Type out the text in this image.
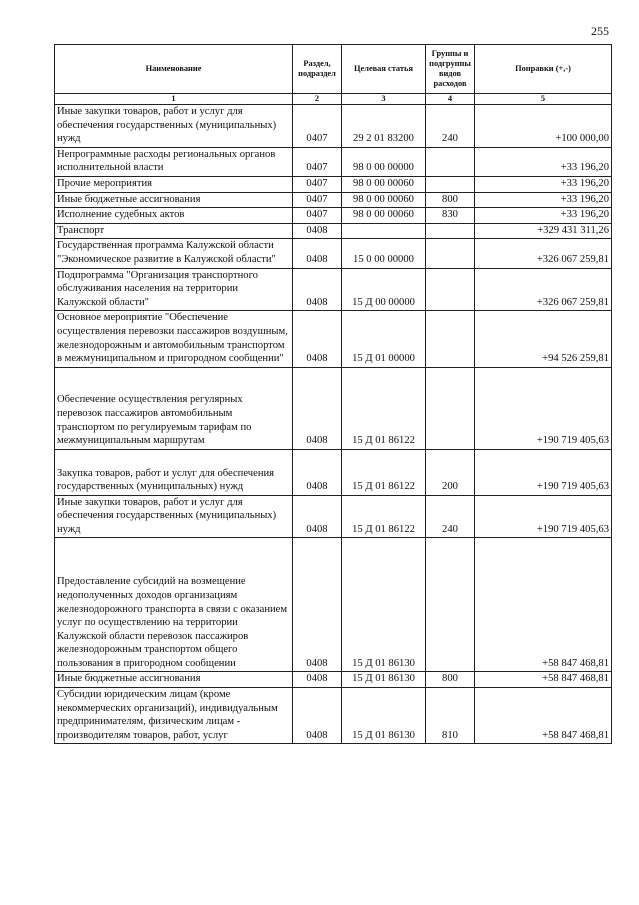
255
Наименование	Раздел, подраздел	Целевая статья	Группы и подгруппы видов расходов	Поправки (+,-)
1	2	3	4	5
Иные закупки товаров, работ и услуг для обеспечения государственных (муниципальных) нужд	0407	29 2 01 83200	240	+100 000,00
Непрограммные расходы региональных органов исполнительной власти	0407	98 0 00 00000		+33 196,20
Прочие мероприятия	0407	98 0 00 00060		+33 196,20
Иные бюджетные ассигнования	0407	98 0 00 00060	800	+33 196,20
Исполнение судебных актов	0407	98 0 00 00060	830	+33 196,20
Транспорт	0408			+329 431 311,26
Государственная программа Калужской области "Экономическое развитие в Калужской области"	0408	15 0 00 00000		+326 067 259,81
Подпрограмма "Организация транспортного обслуживания населения на территории Калужской области"	0408	15 Д 00 00000		+326 067 259,81
Основное мероприятие "Обеспечение осуществления перевозки пассажиров воздушным, железнодорожным и автомобильным транспортом в межмуниципальном и пригородном сообщении"	0408	15 Д 01 00000		+94 526 259,81
Обеспечение осуществления регулярных перевозок пассажиров автомобильным транспортом по регулируемым тарифам по межмуниципальным маршрутам	0408	15 Д 01 86122		+190 719 405,63
Закупка товаров, работ и услуг для обеспечения государственных (муниципальных) нужд	0408	15 Д 01 86122	200	+190 719 405,63
Иные закупки товаров, работ и услуг для обеспечения государственных (муниципальных) нужд	0408	15 Д 01 86122	240	+190 719 405,63
Предоставление субсидий на возмещение недополученных доходов организациям железнодорожного транспорта в связи с оказанием услуг по осуществлению на территории Калужской области перевозок пассажиров железнодорожным транспортом общего пользования в пригородном сообщении	0408	15 Д 01 86130		+58 847 468,81
Иные бюджетные ассигнования	0408	15 Д 01 86130	800	+58 847 468,81
Субсидии юридическим лицам (кроме некоммерческих организаций), индивидуальным предпринимателям, физическим лицам - производителям товаров, работ, услуг	0408	15 Д 01 86130	810	+58 847 468,81
